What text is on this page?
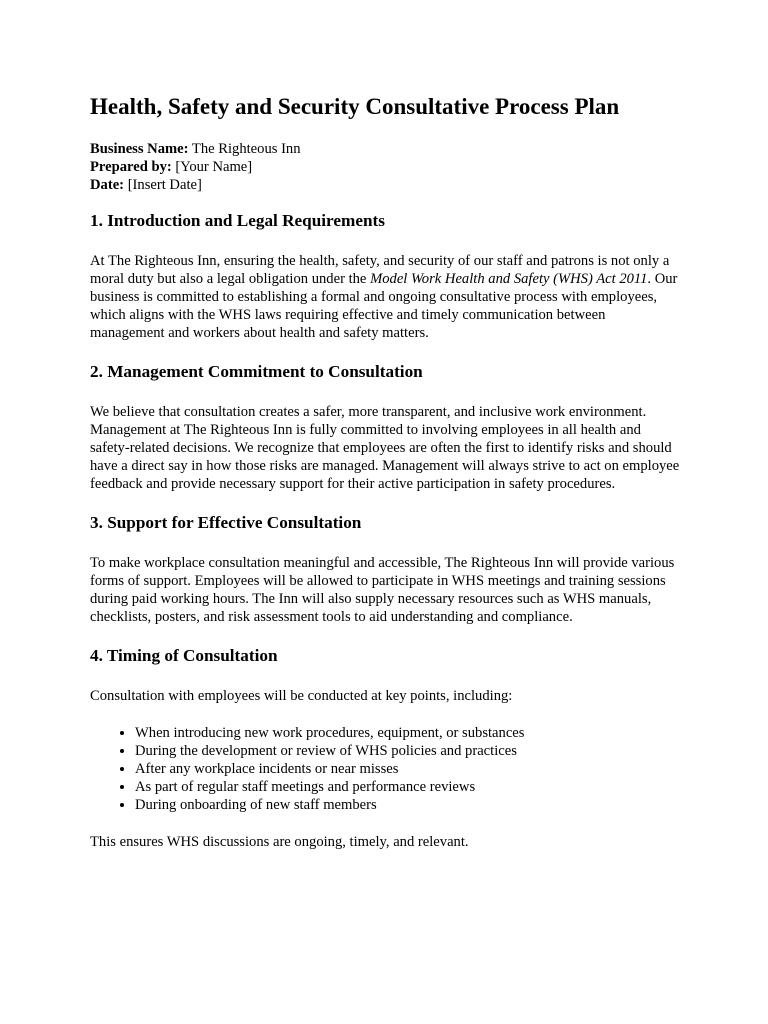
Health, Safety and Security Consultative Process Plan
Business Name: The Righteous Inn
Prepared by: [Your Name]
Date: [Insert Date]
1. Introduction and Legal Requirements

At The Righteous Inn, ensuring the health, safety, and security of our staff and patrons is not only a moral duty but also a legal obligation under the Model Work Health and Safety (WHS) Act 2011. Our business is committed to establishing a formal and ongoing consultative process with employees, which aligns with the WHS laws requiring effective and timely communication between management and workers about health and safety matters.

2. Management Commitment to Consultation

We believe that consultation creates a safer, more transparent, and inclusive work environment. Management at The Righteous Inn is fully committed to involving employees in all health and safety-related decisions. We recognize that employees are often the first to identify risks and should have a direct say in how those risks are managed. Management will always strive to act on employee feedback and provide necessary support for their active participation in safety procedures.

3. Support for Effective Consultation

To make workplace consultation meaningful and accessible, The Righteous Inn will provide various forms of support. Employees will be allowed to participate in WHS meetings and training sessions during paid working hours. The Inn will also supply necessary resources such as WHS manuals, checklists, posters, and risk assessment tools to aid understanding and compliance.

4. Timing of Consultation

Consultation with employees will be conducted at key points, including:

• When introducing new work procedures, equipment, or substances
• During the development or review of WHS policies and practices
• After any workplace incidents or near misses
• As part of regular staff meetings and performance reviews
• During onboarding of new staff members

This ensures WHS discussions are ongoing, timely, and relevant.
